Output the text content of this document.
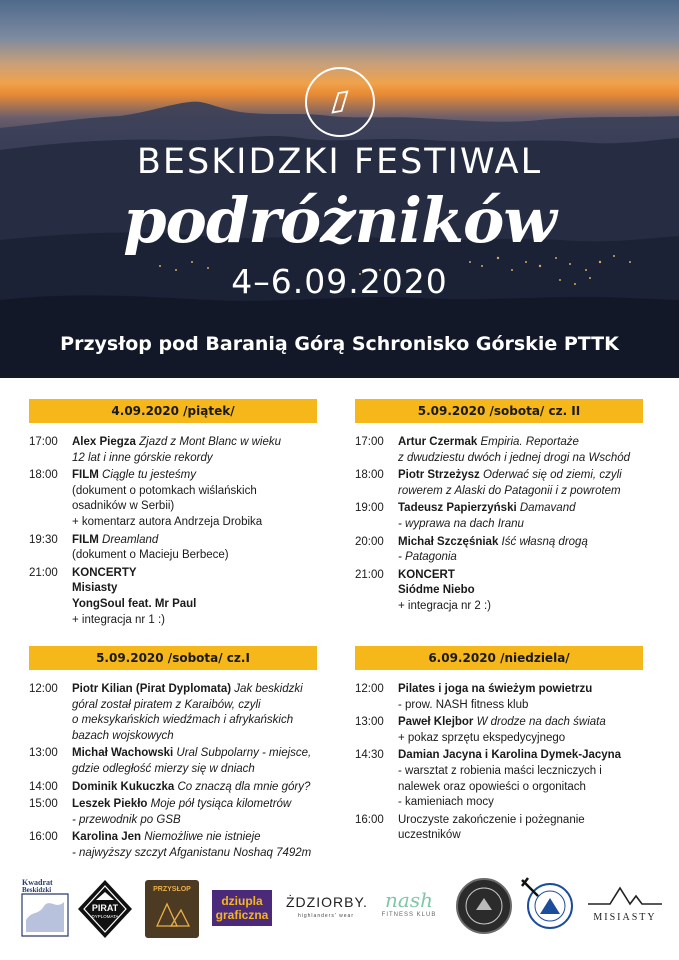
BESKIDZKI FESTIWAL
podróżników
4–6.09.2020
Przysłop pod Baranią Górą Schronisko Górskie PTTK
4.09.2020 /piątek/
17:00	Alex Piegza Zjazd z Mont Blanc w wieku
12 lat i inne górskie rekordy
18:00	FILM Ciągle tu jesteśmy
(dokument o potomkach wiślańskich
osadników w Serbii)
+ komentarz autora Andrzeja Drobika
19:30	FILM Dreamland
(dokument o Macieju Berbece)
21:00	KONCERTY
Misiasty
YongSoul feat. Mr Paul
+ integracja nr 1 :)
5.09.2020 /sobota/ cz. II
17:00	Artur Czermak Empiria. Reportaże
z dwudziestu dwóch i jednej drogi na Wschód
18:00	Piotr Strzeżysz Oderwać się od ziemi, czyli
rowerem z Alaski do Patagonii i z powrotem
19:00	Tadeusz Papierzyński Damavand
- wyprawa na dach Iranu
20:00	Michał Szczęśniak Iść własną drogą
- Patagonia
21:00	KONCERT
Siódme Niebo
+ integracja nr 2 :)
5.09.2020 /sobota/ cz.I
12:00	Piotr Kilian (Pirat Dyplomata) Jak beskidzki
góral został piratem z Karaibów, czyli
o meksykańskich wiedźmach i afrykańskich
bazach wojskowych
13:00	Michał Wachowski Ural Subpolarny - miejsce,
gdzie odległość mierzy się w dniach
14:00	Dominik Kukuczka Co znaczą dla mnie góry?
15:00	Leszek Piekło Moje pół tysiąca kilometrów
- przewodnik po GSB
16:00	Karolina Jen Niemożliwe nie istnieje
- najwyższy szczyt Afganistanu Noshaq 7492m
6.09.2020 /niedziela/
12:00	Pilates i joga na świeżym powietrzu
- prow. NASH fitness klub
13:00	Paweł Klejbor W drodze na dach świata
+ pokaz sprzętu ekspedycyjnego
14:30	Damian Jacyna i Karolina Dymek-Jacyna
- warsztat z robienia maści leczniczych i
nalewek oraz opowieści o orgonitach
- kamieniach mocy
16:00	Uroczyste zakończenie i pożegnanie
uczestników
Kwadrat
Beskidzki
PIRAT
DYPLOMATA
PRZYSŁOP
dziupla
graficzna
ŻDZIORBY.
highlanders' wear
nash
FITNESS KLUB	MISIASTY
